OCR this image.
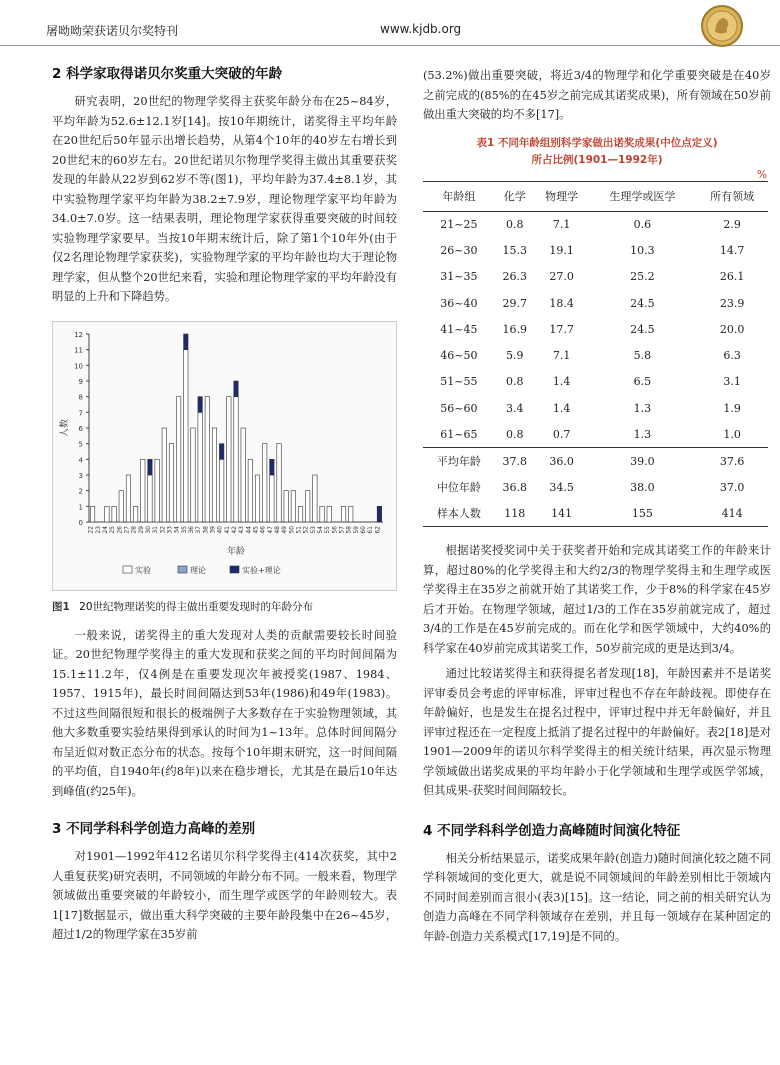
屠呦呦荣获诺贝尔奖特刊	www.kjdb.org
2 科学家取得诺贝尔奖重大突破的年龄

研究表明，20世纪的物理学奖得主获奖年龄分布在25~84岁，平均年龄为52.6±12.1岁[14]。按10年期统计，诺奖得主平均年龄在20世纪后50年显示出增长趋势，从第4个10年的40岁左右增长到20世纪末的60岁左右。20世纪诺贝尔物理学奖得主做出其重要获奖发现的年龄从22岁到62岁不等(图1)，平均年龄为37.4±8.1岁，其中实验物理学家平均年龄为38.2±7.9岁，理论物理学家平均年龄为34.0±7.0岁。这一结果表明，理论物理学家获得重要突破的时间较实验物理学家要早。当按10年期末统计后，除了第1个10年外(由于仅2名理论物理学家获奖)，实验物理学家的平均年龄也均大于理论物理学家，但从整个20世纪来看，实验和理论物理学家的平均年龄没有明显的上升和下降趋势。

0
1
2
3
4
5
6
7
8
9
10
11
12
22 23 24 25 26 27 28 29 30 31 32 33 34 35 36 37 38 39 40 41 42 43 44 45 46 47 48 49 50 51 52 53 54 55 56 57 58 59 60 61 62
人数
年龄
实验	理论	实验+理论
图1 20世纪物理诺奖的得主做出重要发现时的年龄分布

一般来说，诺奖得主的重大发现对人类的贡献需要较长时间验证。20世纪物理学奖得主的重大发现和获奖之间的平均时间间隔为15.1±11.2年，仅4例是在重要发现次年被授奖(1987、1984、1957、1915年)，最长时间间隔达到53年(1986)和49年(1983)。不过这些间隔很短和很长的极端例子大多数存在于实验物理领域，其他大多数重要实验结果得到承认的时间为1~13年。总体时间间隔分布呈近似对数正态分布的状态。按每个10年期末研究，这一时间间隔的平均值，自1940年(约8年)以来在稳步增长，尤其是在最后10年达到峰值(约25年)。

3 不同学科科学创造力高峰的差别

对1901—1992年412名诺贝尔科学奖得主(414次获奖，其中2人重复获奖)研究表明，不同领域的年龄分布不同。一般来看，物理学领域做出重要突破的年龄较小，而生理学或医学的年龄则较大。表1[17]数据显示，做出重大科学突破的主要年龄段集中在26~45岁，超过1/2的物理学家在35岁前

(53.2%)做出重要突破，将近3/4的物理学和化学重要突破是在40岁之前完成的(85%的在45岁之前完成其诺奖成果)，所有领域在50岁前做出重大突破的均不多[17]。

表1 不同年龄组别科学家做出诺奖成果(中位点定义)
所占比例(1901—1992年)
%
年龄组	化学	物理学	生理学或医学	所有领域
21~25	0.8	7.1	0.6	2.9
26~30	15.3	19.1	10.3	14.7
31~35	26.3	27.0	25.2	26.1
36~40	29.7	18.4	24.5	23.9
41~45	16.9	17.7	24.5	20.0
46~50	5.9	7.1	5.8	6.3
51~55	0.8	1.4	6.5	3.1
56~60	3.4	1.4	1.3	1.9
61~65	0.8	0.7	1.3	1.0
平均年龄	37.8	36.0	39.0	37.6
中位年龄	36.8	34.5	38.0	37.0
样本人数	118	141	155	414

根据诺奖授奖词中关于获奖者开始和完成其诺奖工作的年龄来计算，超过80%的化学奖得主和大约2/3的物理学奖得主和生理学或医学奖得主在35岁之前就开始了其诺奖工作，少于8%的科学家在45岁后才开始。在物理学领域，超过1/3的工作在35岁前就完成了，超过3/4的工作是在45岁前完成的。而在化学和医学领域中，大约40%的科学家在40岁前完成其诺奖工作，50岁前完成的更是达到3/4。

通过比较诺奖得主和获得提名者发现[18]，年龄因素并不是诺奖评审委员会考虑的评审标准，评审过程也不存在年龄歧视。即使存在年龄偏好，也是发生在提名过程中，评审过程中并无年龄偏好，并且评审过程还在一定程度上抵消了提名过程中的年龄偏好。表2[18]是对1901—2009年的诺贝尔科学奖得主的相关统计结果，再次显示物理学领域做出诺奖成果的平均年龄小于化学领域和生理学或医学邻域，但其成果-获奖时间间隔较长。

4 不同学科科学创造力高峰随时间演化特征

相关分析结果显示，诺奖成果年龄(创造力)随时间演化较之随不同学科领域间的变化更大，就是说不同领域间的年龄差别相比于领域内不同时间差别而言很小(表3)[15]。这一结论，同之前的相关研究认为创造力高峰在不同学科领域存在差别，并且每一领域存在某种固定的年龄-创造力关系模式[17,19]是不同的。
